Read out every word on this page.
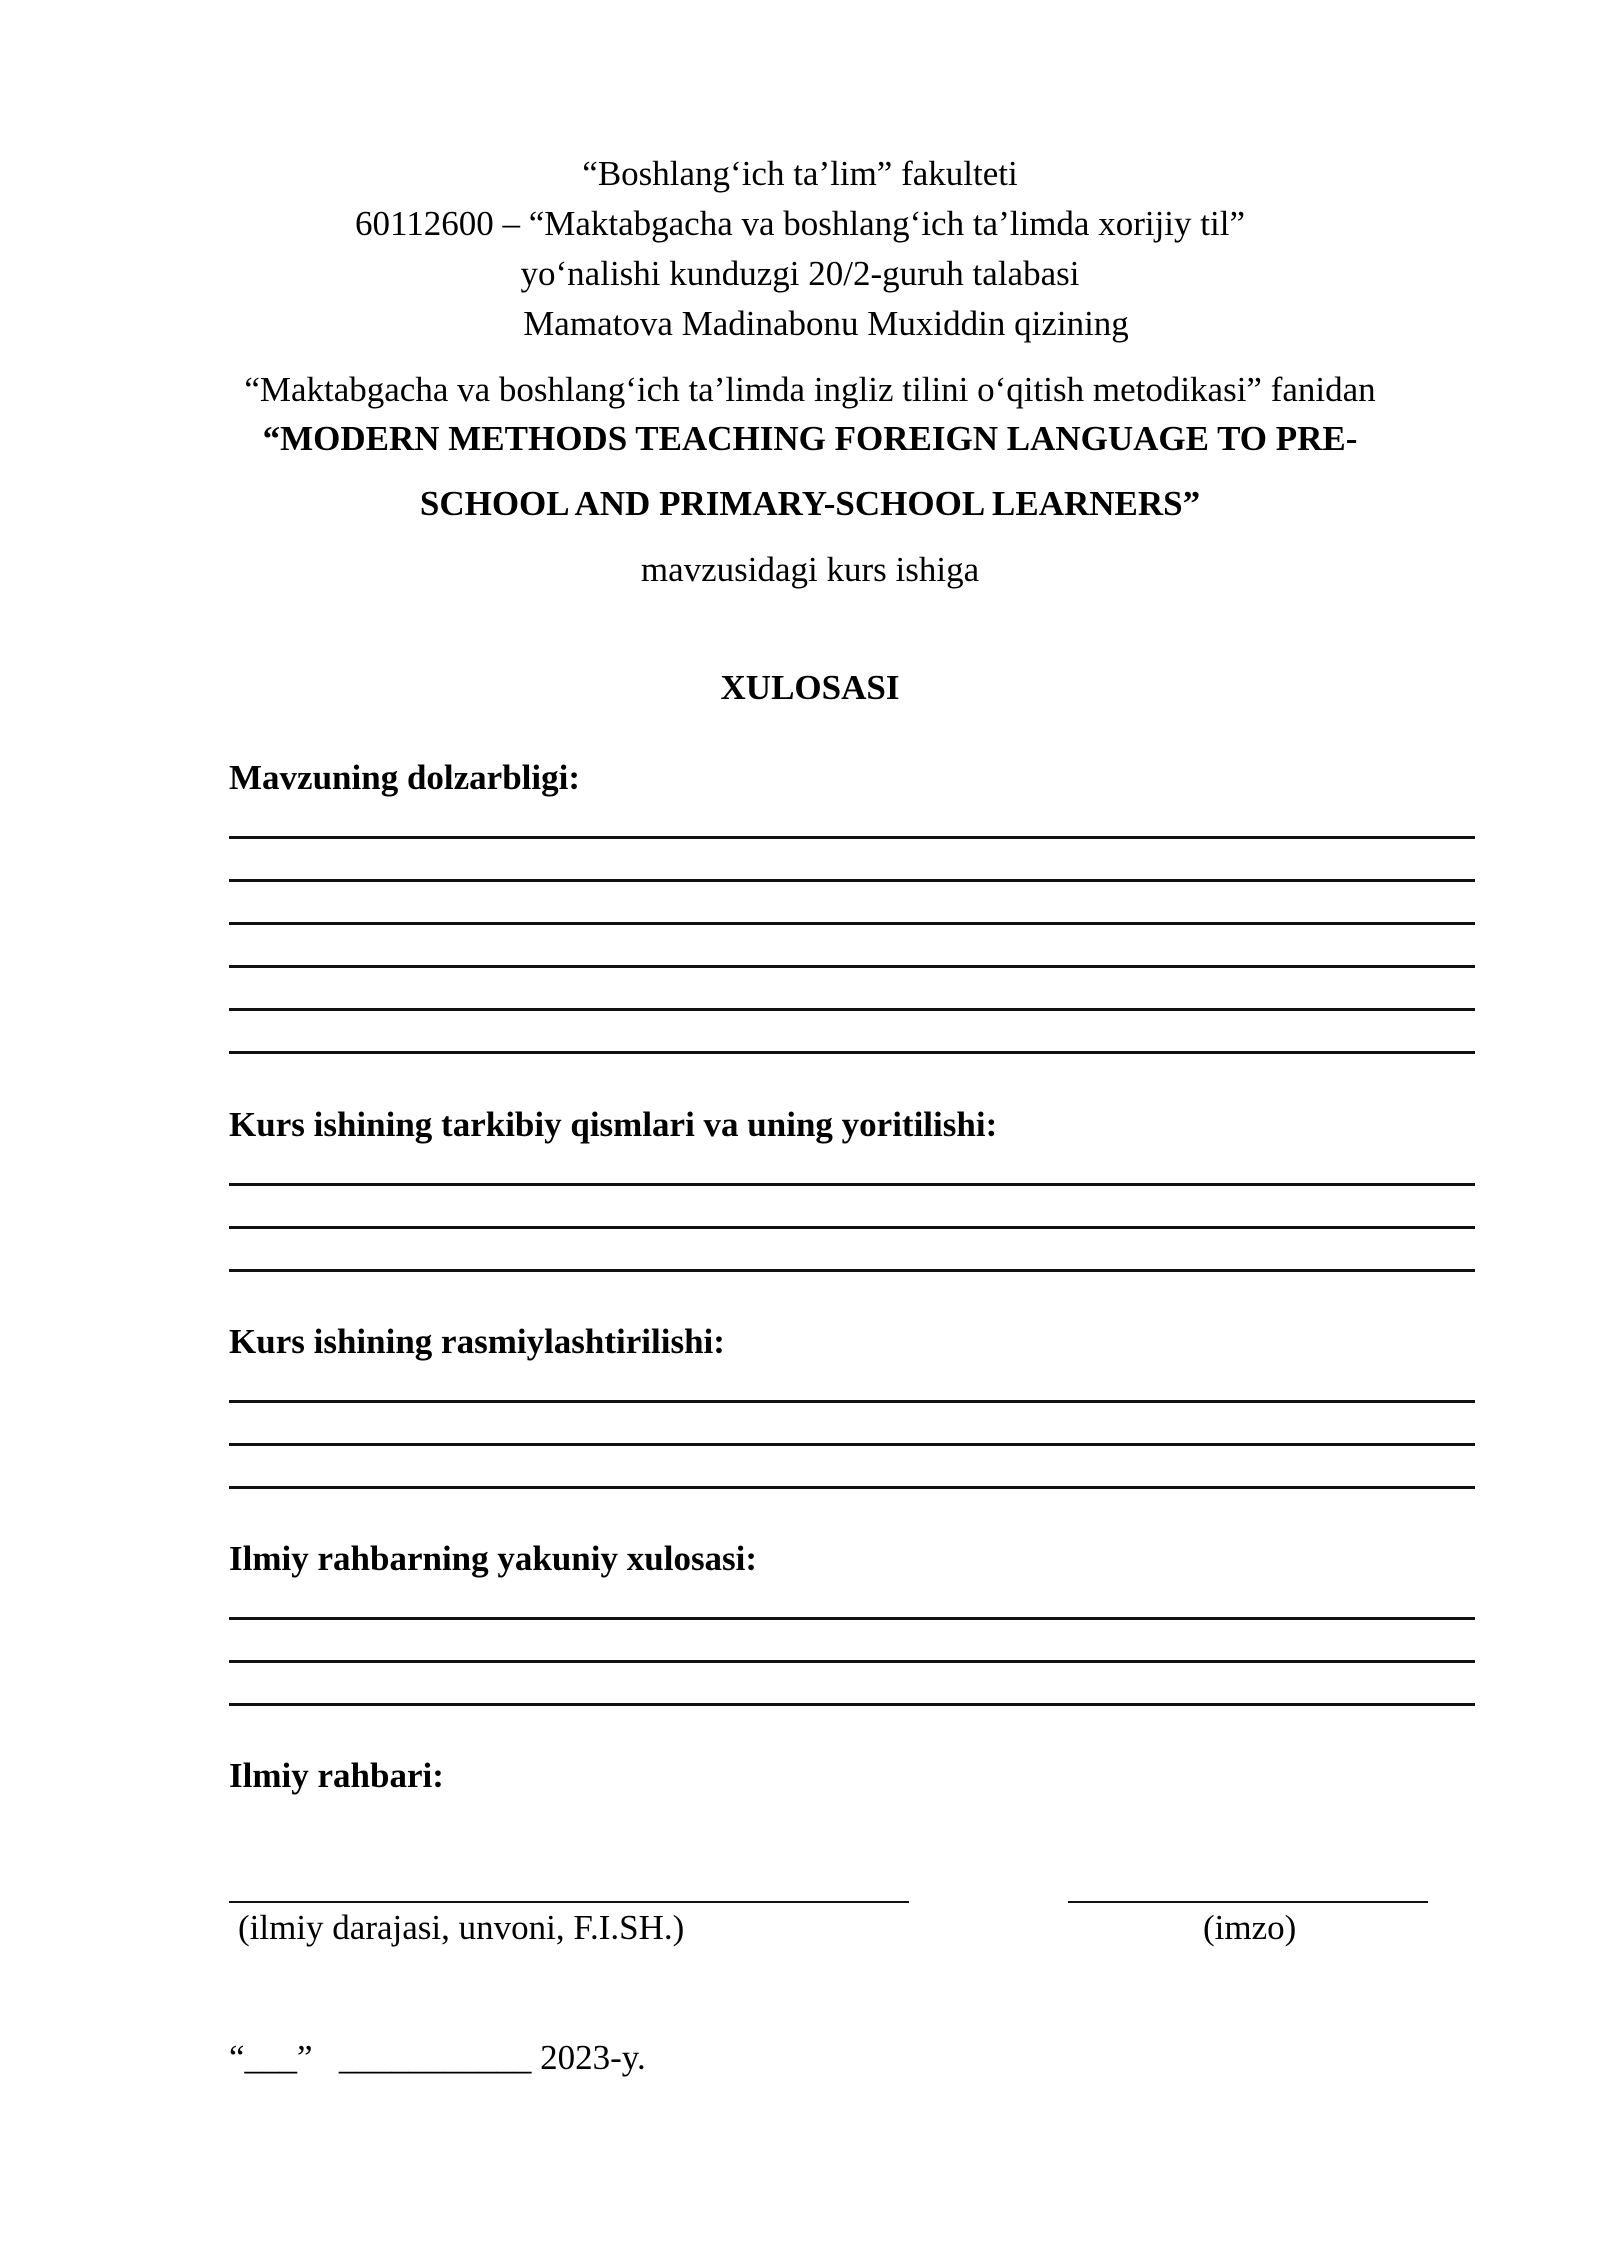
“Boshlang‘ich ta’lim” fakulteti
60112600 – “Maktabgacha va boshlang‘ich ta’limda xorijiy til”
yo‘nalishi kunduzgi 20/2-guruh talabasi
Mamatova Madinabonu Muxiddin qizining
“Maktabgacha va boshlang‘ich ta’limda ingliz tilini o‘qitish metodikasi” fanidan
“MODERN METHODS TEACHING FOREIGN LANGUAGE TO PRE-
SCHOOL AND PRIMARY-SCHOOL LEARNERS”
mavzusidagi kurs ishiga
XULOSASI
Mavzuning dolzarbligi:
Kurs ishining tarkibiy qismlari va uning yoritilishi:
Kurs ishining rasmiylashtirilishi:
Ilmiy rahbarning yakuniy xulosasi:
Ilmiy rahbari:
(ilmiy darajasi, unvoni, F.I.SH.)	(imzo)
“___” ___________ 2023-y.
